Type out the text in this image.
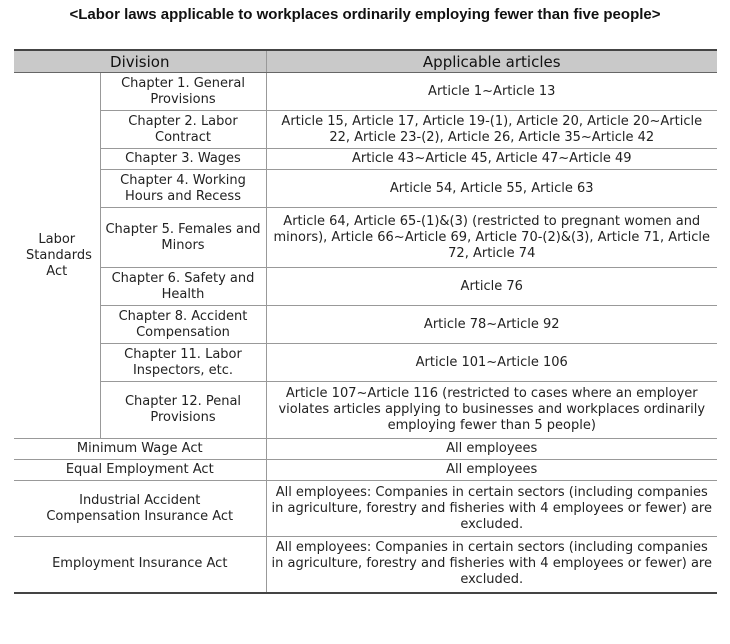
<Labor laws applicable to workplaces ordinarily employing fewer than five people>
Division		Applicable articles
Labor Standards Act	Chapter 1. General Provisions	Article 1~Article 13
	Chapter 2. Labor Contract	Article 15, Article 17, Article 19-(1), Article 20, Article 20~Article 22, Article 23-(2), Article 26, Article 35~Article 42
	Chapter 3. Wages	Article 43~Article 45, Article 47~Article 49
	Chapter 4. Working Hours and Recess	Article 54, Article 55, Article 63
	Chapter 5. Females and Minors	Article 64, Article 65-(1)&(3) (restricted to pregnant women and minors), Article 66~Article 69, Article 70-(2)&(3), Article 71, Article 72, Article 74
	Chapter 6. Safety and Health	Article 76
	Chapter 8. Accident Compensation	Article 78~Article 92
	Chapter 11. Labor Inspectors, etc.	Article 101~Article 106
	Chapter 12. Penal Provisions	Article 107~Article 116 (restricted to cases where an employer violates articles applying to businesses and workplaces ordinarily employing fewer than 5 people)
Minimum Wage Act		All employees
Equal Employment Act		All employees
Industrial Accident Compensation Insurance Act		All employees: Companies in certain sectors (including companies in agriculture, forestry and fisheries with 4 employees or fewer) are excluded.
Employment Insurance Act		All employees: Companies in certain sectors (including companies in agriculture, forestry and fisheries with 4 employees or fewer) are excluded.
